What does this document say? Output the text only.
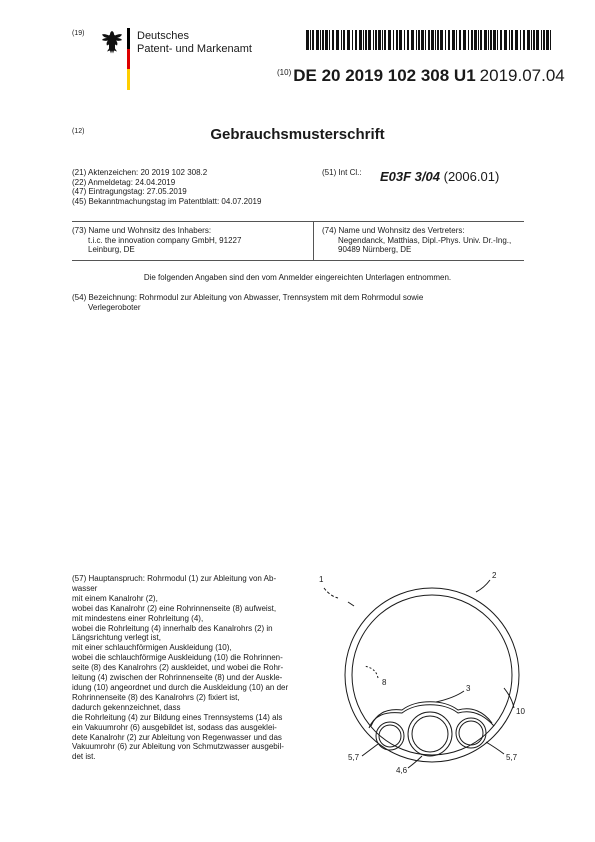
(19)	Deutsches
Patent- und Markenamt
$^{(10)}$ DE 20 2019 102 308 U1 2019.07.04
(12)	Gebrauchsmusterschrift
(21) Aktenzeichen: 20 2019 102 308.2
(22) Anmeldetag: 24.04.2019
(47) Eintragungstag: 27.05.2019
(45) Bekanntmachungstag im Patentblatt: 04.07.2019
(51) Int Cl.: E03F 3/04 (2006.01)
(73) Name und Wohnsitz des Inhabers:
t.i.c. the innovation company GmbH, 91227
Leinburg, DE
(74) Name und Wohnsitz des Vertreters:
Negendanck, Matthias, Dipl.-Phys. Univ. Dr.-Ing.,
90489 Nürnberg, DE
Die folgenden Angaben sind den vom Anmelder eingereichten Unterlagen entnommen.
(54) Bezeichnung: Rohrmodul zur Ableitung von Abwasser, Trennsystem mit dem Rohrmodul sowie
Verlegeroboter

(57) Hauptanspruch: Rohrmodul (1) zur Ableitung von Ab-

wasser

mit einem Kanalrohr (2),

wobei das Kanalrohr (2) eine Rohrinnenseite (8) aufweist,

mit mindestens einer Rohrleitung (4),

wobei die Rohrleitung (4) innerhalb des Kanalrohrs (2) in

Längsrichtung verlegt ist,

mit einer schlauchförmigen Auskleidung (10),

wobei die schlauchförmige Auskleidung (10) die Rohrinnen-

seite (8) des Kanalrohrs (2) auskleidet, und wobei die Rohr-

leitung (4) zwischen der Rohrinnenseite (8) und der Auskle-

idung (10) angeordnet und durch die Auskleidung (10) an der

Rohrinnenseite (8) des Kanalrohrs (2) fixiert ist,

dadurch gekennzeichnet, dass

die Rohrleitung (4) zur Bildung eines Trennsystems (14) als

ein Vakuumrohr (6) ausgebildet ist, sodass das ausgeklei-

dete Kanalrohr (2) zur Ableitung von Regenwasser und das

Vakuumrohr (6) zur Ableitung von Schmutzwasser ausgebil-

det ist.

1	2
8
3
10
5,7	5,7
4,6
